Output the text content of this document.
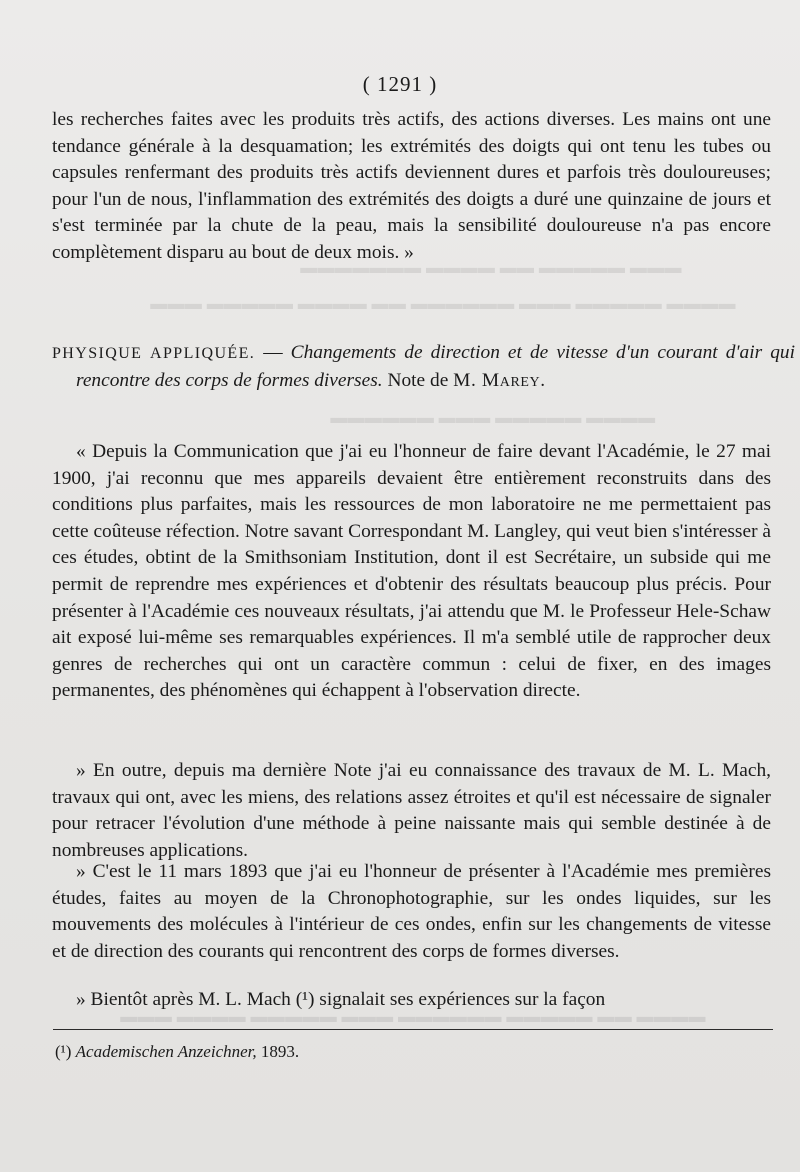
▬▬▬ ▬▬▬▬▬ ▬▬ ▬▬▬▬ ▬▬▬▬▬▬▬
▬▬▬▬ ▬▬▬▬▬ ▬▬▬ ▬▬▬▬▬▬ ▬▬ ▬▬▬▬ ▬▬▬▬▬ ▬▬▬
▬▬▬▬ ▬▬▬▬▬ ▬▬▬ ▬▬▬▬▬▬
▬▬▬▬ ▬▬ ▬▬▬▬▬ ▬▬▬▬▬▬ ▬▬▬ ▬▬▬▬▬ ▬▬▬▬ ▬▬▬
( 1291 )

les recherches faites avec les produits très actifs, des actions diverses. Les mains ont une tendance générale à la desquamation; les extrémités des doigts qui ont tenu les tubes ou capsules renfermant des produits très actifs deviennent dures et parfois très douloureuses; pour l'un de nous, l'inflammation des extrémités des doigts a duré une quinzaine de jours et s'est terminée par la chute de la peau, mais la sensibilité douloureuse n'a pas encore complètement disparu au bout de deux mois. »

PHYSIQUE APPLIQUÉE. — Changements de direction et de vitesse d'un courant d'air qui rencontre des corps de formes diverses. Note de M. Marey.

« Depuis la Communication que j'ai eu l'honneur de faire devant l'Académie, le 27 mai 1900, j'ai reconnu que mes appareils devaient être entièrement reconstruits dans des conditions plus parfaites, mais les ressources de mon laboratoire ne me permettaient pas cette coûteuse réfection. Notre savant Correspondant M. Langley, qui veut bien s'intéresser à ces études, obtint de la Smithsoniam Institution, dont il est Secrétaire, un subside qui me permit de reprendre mes expériences et d'obtenir des résultats beaucoup plus précis. Pour présenter à l'Académie ces nouveaux résultats, j'ai attendu que M. le Professeur Hele-Schaw ait exposé lui-même ses remarquables expériences. Il m'a semblé utile de rapprocher deux genres de recherches qui ont un caractère commun : celui de fixer, en des images permanentes, des phénomènes qui échappent à l'observation directe.

» En outre, depuis ma dernière Note j'ai eu connaissance des travaux de M. L. Mach, travaux qui ont, avec les miens, des relations assez étroites et qu'il est nécessaire de signaler pour retracer l'évolution d'une méthode à peine naissante mais qui semble destinée à de nombreuses applications.

» C'est le 11 mars 1893 que j'ai eu l'honneur de présenter à l'Académie mes premières études, faites au moyen de la Chronophotographie, sur les ondes liquides, sur les mouvements des molécules à l'intérieur de ces ondes, enfin sur les changements de vitesse et de direction des courants qui rencontrent des corps de formes diverses.

» Bientôt après M. L. Mach (¹) signalait ses expériences sur la façon

(¹) Academischen Anzeichner, 1893.
